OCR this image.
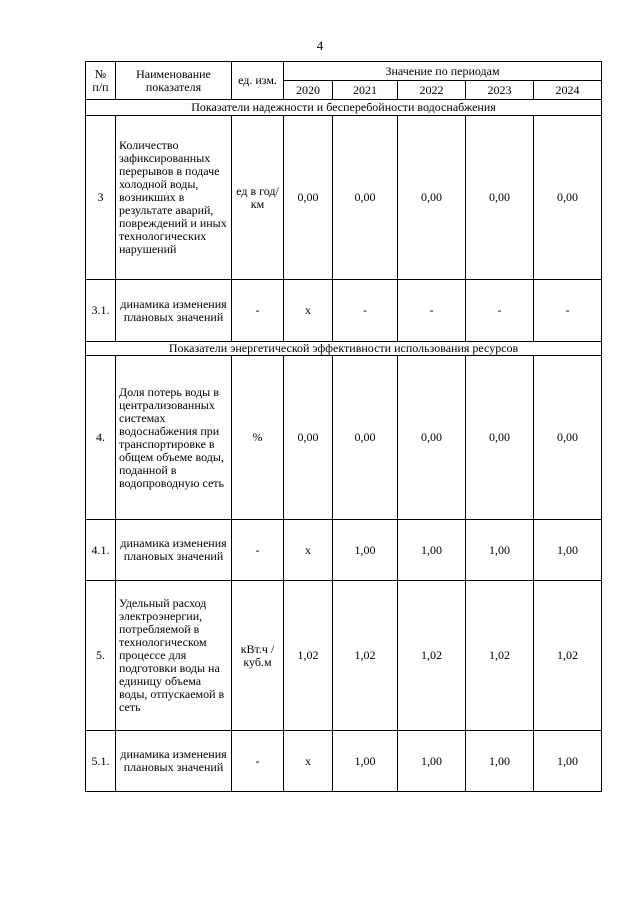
4
№
п/п	Наименование показателя	ед. изм.	Значение по периодам				
			2020	2021	2022	2023	2024
Показатели надежности и бесперебойности водоснабжения							
3	Количество зафиксированных перерывов в подаче холодной воды, возникших в результате аварий, повреждений и иных технологических нарушений	ед в год/ км	0,00	0,00	0,00	0,00	0,00
3.1.	динамика изменения плановых значений	-	x	-	-	-	-
Показатели энергетической эффективности использования ресурсов							
4.	Доля потерь воды в централизованных системах водоснабжения при транспортировке в общем объеме воды, поданной в водопроводную сеть	%	0,00	0,00	0,00	0,00	0,00
4.1.	динамика изменения плановых значений	-	x	1,00	1,00	1,00	1,00
5.	Удельный расход электроэнергии, потребляемой в технологическом процессе для подготовки воды на единицу объема воды, отпускаемой в сеть	кВт.ч / куб.м	1,02	1,02	1,02	1,02	1,02
5.1.	динамика изменения плановых значений	-	x	1,00	1,00	1,00	1,00
